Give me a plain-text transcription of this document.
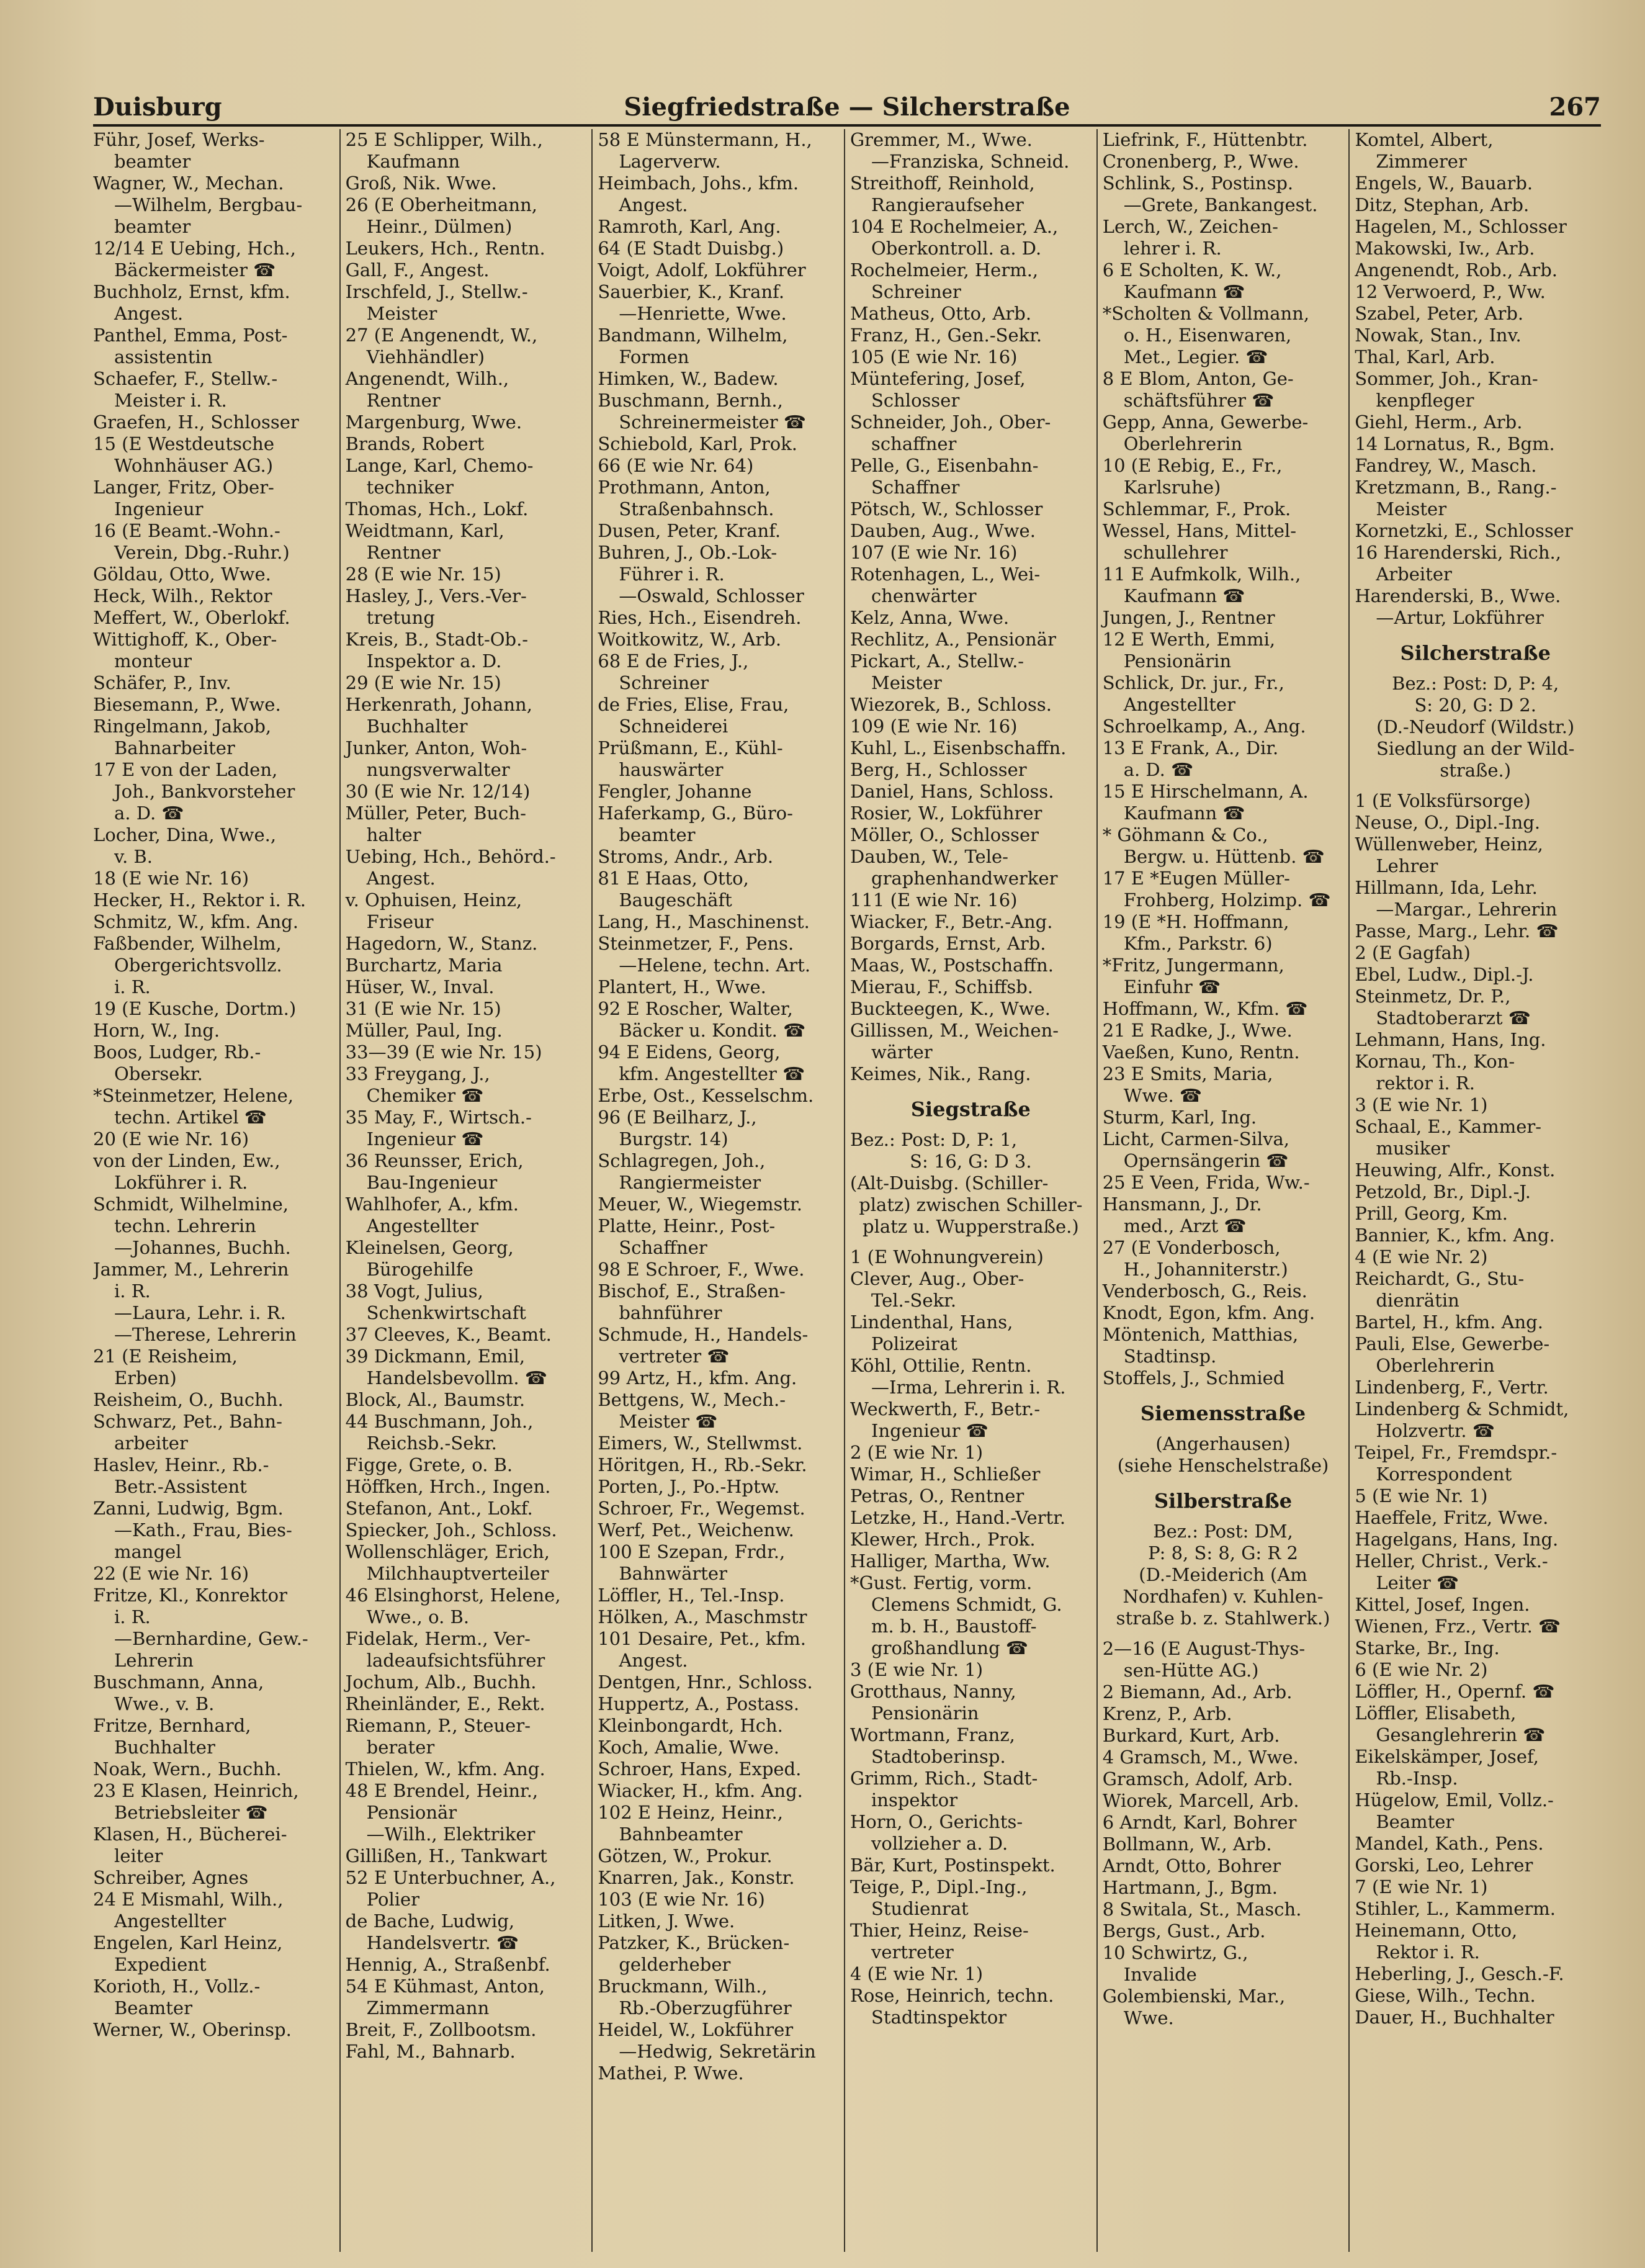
Duisburg	Siegfriedstraße — Silcherstraße	267

Führ, Josef, Werks-

beamter

Wagner, W., Mechan.

—Wilhelm, Bergbau-

beamter

12/14 E Uebing, Hch.,

Bäckermeister ☎

Buchholz, Ernst, kfm.

Angest.

Panthel, Emma, Post-

assistentin

Schaefer, F., Stellw.-

Meister i. R.

Graefen, H., Schlosser

15 (E Westdeutsche

Wohnhäuser AG.)

Langer, Fritz, Ober-

Ingenieur

16 (E Beamt.-Wohn.-

Verein, Dbg.-Ruhr.)

Göldau, Otto, Wwe.

Heck, Wilh., Rektor

Meffert, W., Oberlokf.

Wittighoff, K., Ober-

monteur

Schäfer, P., Inv.

Biesemann, P., Wwe.

Ringelmann, Jakob,

Bahnarbeiter

17 E von der Laden,

Joh., Bankvorsteher

a. D. ☎

Locher, Dina, Wwe.,

v. B.

18 (E wie Nr. 16)

Hecker, H., Rektor i. R.

Schmitz, W., kfm. Ang.

Faßbender, Wilhelm,

Obergerichtsvollz.

i. R.

19 (E Kusche, Dortm.)

Horn, W., Ing.

Boos, Ludger, Rb.-

Obersekr.

*Steinmetzer, Helene,

techn. Artikel ☎

20 (E wie Nr. 16)

von der Linden, Ew.,

Lokführer i. R.

Schmidt, Wilhelmine,

techn. Lehrerin

—Johannes, Buchh.

Jammer, M., Lehrerin

i. R.

—Laura, Lehr. i. R.

—Therese, Lehrerin

21 (E Reisheim,

Erben)

Reisheim, O., Buchh.

Schwarz, Pet., Bahn-

arbeiter

Haslev, Heinr., Rb.-

Betr.-Assistent

Zanni, Ludwig, Bgm.

—Kath., Frau, Bies-

mangel

22 (E wie Nr. 16)

Fritze, Kl., Konrektor

i. R.

—Bernhardine, Gew.-

Lehrerin

Buschmann, Anna,

Wwe., v. B.

Fritze, Bernhard,

Buchhalter

Noak, Wern., Buchh.

23 E Klasen, Heinrich,

Betriebsleiter ☎

Klasen, H., Bücherei-

leiter

Schreiber, Agnes

24 E Mismahl, Wilh.,

Angestellter

Engelen, Karl Heinz,

Expedient

Korioth, H., Vollz.-

Beamter

Werner, W., Oberinsp.

25 E Schlipper, Wilh.,

Kaufmann

Groß, Nik. Wwe.

26 (E Oberheitmann,

Heinr., Dülmen)

Leukers, Hch., Rentn.

Gall, F., Angest.

Irschfeld, J., Stellw.-

Meister

27 (E Angenendt, W.,

Viehhändler)

Angenendt, Wilh.,

Rentner

Margenburg, Wwe.

Brands, Robert

Lange, Karl, Chemo-

techniker

Thomas, Hch., Lokf.

Weidtmann, Karl,

Rentner

28 (E wie Nr. 15)

Hasley, J., Vers.-Ver-

tretung

Kreis, B., Stadt-Ob.-

Inspektor a. D.

29 (E wie Nr. 15)

Herkenrath, Johann,

Buchhalter

Junker, Anton, Woh-

nungsverwalter

30 (E wie Nr. 12/14)

Müller, Peter, Buch-

halter

Uebing, Hch., Behörd.-

Angest.

v. Ophuisen, Heinz,

Friseur

Hagedorn, W., Stanz.

Burchartz, Maria

Hüser, W., Inval.

31 (E wie Nr. 15)

Müller, Paul, Ing.

33—39 (E wie Nr. 15)

33 Freygang, J.,

Chemiker ☎

35 May, F., Wirtsch.-

Ingenieur ☎

36 Reunsser, Erich,

Bau-Ingenieur

Wahlhofer, A., kfm.

Angestellter

Kleinelsen, Georg,

Bürogehilfe

38 Vogt, Julius,

Schenkwirtschaft

37 Cleeves, K., Beamt.

39 Dickmann, Emil,

Handelsbevollm. ☎

Block, Al., Baumstr.

44 Buschmann, Joh.,

Reichsb.-Sekr.

Figge, Grete, o. B.

Höffken, Hrch., Ingen.

Stefanon, Ant., Lokf.

Spiecker, Joh., Schloss.

Wollenschläger, Erich,

Milchhauptverteiler

46 Elsinghorst, Helene,

Wwe., o. B.

Fidelak, Herm., Ver-

ladeaufsichtsführer

Jochum, Alb., Buchh.

Rheinländer, E., Rekt.

Riemann, P., Steuer-

berater

Thielen, W., kfm. Ang.

48 E Brendel, Heinr.,

Pensionär

—Wilh., Elektriker

Gillißen, H., Tankwart

52 E Unterbuchner, A.,

Polier

de Bache, Ludwig,

Handelsvertr. ☎

Hennig, A., Straßenbf.

54 E Kühmast, Anton,

Zimmermann

Breit, F., Zollbootsm.

Fahl, M., Bahnarb.

58 E Münstermann, H.,

Lagerverw.

Heimbach, Johs., kfm.

Angest.

Ramroth, Karl, Ang.

64 (E Stadt Duisbg.)

Voigt, Adolf, Lokführer

Sauerbier, K., Kranf.

—Henriette, Wwe.

Bandmann, Wilhelm,

Formen

Himken, W., Badew.

Buschmann, Bernh.,

Schreinermeister ☎

Schiebold, Karl, Prok.

66 (E wie Nr. 64)

Prothmann, Anton,

Straßenbahnsch.

Dusen, Peter, Kranf.

Buhren, J., Ob.-Lok-

Führer i. R.

—Oswald, Schlosser

Ries, Hch., Eisendreh.

Woitkowitz, W., Arb.

68 E de Fries, J.,

Schreiner

de Fries, Elise, Frau,

Schneiderei

Prüßmann, E., Kühl-

hauswärter

Fengler, Johanne

Haferkamp, G., Büro-

beamter

Stroms, Andr., Arb.

81 E Haas, Otto,

Baugeschäft

Lang, H., Maschinenst.

Steinmetzer, F., Pens.

—Helene, techn. Art.

Plantert, H., Wwe.

92 E Roscher, Walter,

Bäcker u. Kondit. ☎

94 E Eidens, Georg,

kfm. Angestellter ☎

Erbe, Ost., Kesselschm.

96 (E Beilharz, J.,

Burgstr. 14)

Schlagregen, Joh.,

Rangiermeister

Meuer, W., Wiegemstr.

Platte, Heinr., Post-

Schaffner

98 E Schroer, F., Wwe.

Bischof, E., Straßen-

bahnführer

Schmude, H., Handels-

vertreter ☎

99 Artz, H., kfm. Ang.

Bettgens, W., Mech.-

Meister ☎

Eimers, W., Stellwmst.

Höritgen, H., Rb.-Sekr.

Porten, J., Po.-Hptw.

Schroer, Fr., Wegemst.

Werf, Pet., Weichenw.

100 E Szepan, Frdr.,

Bahnwärter

Löffler, H., Tel.-Insp.

Hölken, A., Maschmstr

101 Desaire, Pet., kfm.

Angest.

Dentgen, Hnr., Schloss.

Huppertz, A., Postass.

Kleinbongardt, Hch.

Koch, Amalie, Wwe.

Schroer, Hans, Exped.

Wiacker, H., kfm. Ang.

102 E Heinz, Heinr.,

Bahnbeamter

Götzen, W., Prokur.

Knarren, Jak., Konstr.

103 (E wie Nr. 16)

Litken, J. Wwe.

Patzker, K., Brücken-

gelderheber

Bruckmann, Wilh.,

Rb.-Oberzugführer

Heidel, W., Lokführer

—Hedwig, Sekretärin

Mathei, P. Wwe.

Gremmer, M., Wwe.

—Franziska, Schneid.

Streithoff, Reinhold,

Rangieraufseher

104 E Rochelmeier, A.,

Oberkontroll. a. D.

Rochelmeier, Herm.,

Schreiner

Matheus, Otto, Arb.

Franz, H., Gen.-Sekr.

105 (E wie Nr. 16)

Müntefering, Josef,

Schlosser

Schneider, Joh., Ober-

schaffner

Pelle, G., Eisenbahn-

Schaffner

Pötsch, W., Schlosser

Dauben, Aug., Wwe.

107 (E wie Nr. 16)

Rotenhagen, L., Wei-

chenwärter

Kelz, Anna, Wwe.

Rechlitz, A., Pensionär

Pickart, A., Stellw.-

Meister

Wiezorek, B., Schloss.

109 (E wie Nr. 16)

Kuhl, L., Eisenbschaffn.

Berg, H., Schlosser

Daniel, Hans, Schloss.

Rosier, W., Lokführer

Möller, O., Schlosser

Dauben, W., Tele-

graphenhandwerker

111 (E wie Nr. 16)

Wiacker, F., Betr.-Ang.

Borgards, Ernst, Arb.

Maas, W., Postschaffn.

Mierau, F., Schiffsb.

Buckteegen, K., Wwe.

Gillissen, M., Weichen-

wärter

Keimes, Nik., Rang.

Siegstraße

Bez.: Post: D, P: 1,

S: 16, G: D 3.

(Alt-Duisbg. (Schiller-

platz) zwischen Schiller-

platz u. Wupperstraße.)

1 (E Wohnungverein)

Clever, Aug., Ober-

Tel.-Sekr.

Lindenthal, Hans,

Polizeirat

Köhl, Ottilie, Rentn.

—Irma, Lehrerin i. R.

Weckwerth, F., Betr.-

Ingenieur ☎

2 (E wie Nr. 1)

Wimar, H., Schließer

Petras, O., Rentner

Letzke, H., Hand.-Vertr.

Klewer, Hrch., Prok.

Halliger, Martha, Ww.

*Gust. Fertig, vorm.

Clemens Schmidt, G.

m. b. H., Baustoff-

großhandlung ☎

3 (E wie Nr. 1)

Grotthaus, Nanny,

Pensionärin

Wortmann, Franz,

Stadtoberinsp.

Grimm, Rich., Stadt-

inspektor

Horn, O., Gerichts-

vollzieher a. D.

Bär, Kurt, Postinspekt.

Teige, P., Dipl.-Ing.,

Studienrat

Thier, Heinz, Reise-

vertreter

4 (E wie Nr. 1)

Rose, Heinrich, techn.

Stadtinspektor

Liefrink, F., Hüttenbtr.

Cronenberg, P., Wwe.

Schlink, S., Postinsp.

—Grete, Bankangest.

Lerch, W., Zeichen-

lehrer i. R.

6 E Scholten, K. W.,

Kaufmann ☎

*Scholten & Vollmann,

o. H., Eisenwaren,

Met., Legier. ☎

8 E Blom, Anton, Ge-

schäftsführer ☎

Gepp, Anna, Gewerbe-

Oberlehrerin

10 (E Rebig, E., Fr.,

Karlsruhe)

Schlemmar, F., Prok.

Wessel, Hans, Mittel-

schullehrer

11 E Aufmkolk, Wilh.,

Kaufmann ☎

Jungen, J., Rentner

12 E Werth, Emmi,

Pensionärin

Schlick, Dr. jur., Fr.,

Angestellter

Schroelkamp, A., Ang.

13 E Frank, A., Dir.

a. D. ☎

15 E Hirschelmann, A.

Kaufmann ☎

* Göhmann & Co.,

Bergw. u. Hüttenb. ☎

17 E *Eugen Müller-

Frohberg, Holzimp. ☎

19 (E *H. Hoffmann,

Kfm., Parkstr. 6)

*Fritz, Jungermann,

Einfuhr ☎

Hoffmann, W., Kfm. ☎

21 E Radke, J., Wwe.

Vaeßen, Kuno, Rentn.

23 E Smits, Maria,

Wwe. ☎

Sturm, Karl, Ing.

Licht, Carmen-Silva,

Opernsängerin ☎

25 E Veen, Frida, Ww.-

Hansmann, J., Dr.

med., Arzt ☎

27 (E Vonderbosch,

H., Johanniterstr.)

Venderbosch, G., Reis.

Knodt, Egon, kfm. Ang.

Möntenich, Matthias,

Stadtinsp.

Stoffels, J., Schmied

Siemensstraße

(Angerhausen)

(siehe Henschelstraße)

Silberstraße

Bez.: Post: DM,

P: 8, S: 8, G: R 2

(D.-Meiderich (Am

Nordhafen) v. Kuhlen-

straße b. z. Stahlwerk.)

2—16 (E August-Thys-

sen-Hütte AG.)

2 Biemann, Ad., Arb.

Krenz, P., Arb.

Burkard, Kurt, Arb.

4 Gramsch, M., Wwe.

Gramsch, Adolf, Arb.

Wiorek, Marcell, Arb.

6 Arndt, Karl, Bohrer

Bollmann, W., Arb.

Arndt, Otto, Bohrer

Hartmann, J., Bgm.

8 Switala, St., Masch.

Bergs, Gust., Arb.

10 Schwirtz, G.,

Invalide

Golembienski, Mar.,

Wwe.

Komtel, Albert,

Zimmerer

Engels, W., Bauarb.

Ditz, Stephan, Arb.

Hagelen, M., Schlosser

Makowski, Iw., Arb.

Angenendt, Rob., Arb.

12 Verwoerd, P., Ww.

Szabel, Peter, Arb.

Nowak, Stan., Inv.

Thal, Karl, Arb.

Sommer, Joh., Kran-

kenpfleger

Giehl, Herm., Arb.

14 Lornatus, R., Bgm.

Fandrey, W., Masch.

Kretzmann, B., Rang.-

Meister

Kornetzki, E., Schlosser

16 Harenderski, Rich.,

Arbeiter

Harenderski, B., Wwe.

—Artur, Lokführer

Silcherstraße

Bez.: Post: D, P: 4,

S: 20, G: D 2.

(D.-Neudorf (Wildstr.)

Siedlung an der Wild-

straße.)

1 (E Volksfürsorge)

Neuse, O., Dipl.-Ing.

Wüllenweber, Heinz,

Lehrer

Hillmann, Ida, Lehr.

—Margar., Lehrerin

Passe, Marg., Lehr. ☎

2 (E Gagfah)

Ebel, Ludw., Dipl.-J.

Steinmetz, Dr. P.,

Stadtoberarzt ☎

Lehmann, Hans, Ing.

Kornau, Th., Kon-

rektor i. R.

3 (E wie Nr. 1)

Schaal, E., Kammer-

musiker

Heuwing, Alfr., Konst.

Petzold, Br., Dipl.-J.

Prill, Georg, Km.

Bannier, K., kfm. Ang.

4 (E wie Nr. 2)

Reichardt, G., Stu-

dienrätin

Bartel, H., kfm. Ang.

Pauli, Else, Gewerbe-

Oberlehrerin

Lindenberg, F., Vertr.

Lindenberg & Schmidt,

Holzvertr. ☎

Teipel, Fr., Fremdspr.-

Korrespondent

5 (E wie Nr. 1)

Haeffele, Fritz, Wwe.

Hagelgans, Hans, Ing.

Heller, Christ., Verk.-

Leiter ☎

Kittel, Josef, Ingen.

Wienen, Frz., Vertr. ☎

Starke, Br., Ing.

6 (E wie Nr. 2)

Löffler, H., Opernf. ☎

Löffler, Elisabeth,

Gesanglehrerin ☎

Eikelskämper, Josef,

Rb.-Insp.

Hügelow, Emil, Vollz.-

Beamter

Mandel, Kath., Pens.

Gorski, Leo, Lehrer

7 (E wie Nr. 1)

Stihler, L., Kammerm.

Heinemann, Otto,

Rektor i. R.

Heberling, J., Gesch.-F.

Giese, Wilh., Techn.

Dauer, H., Buchhalter
